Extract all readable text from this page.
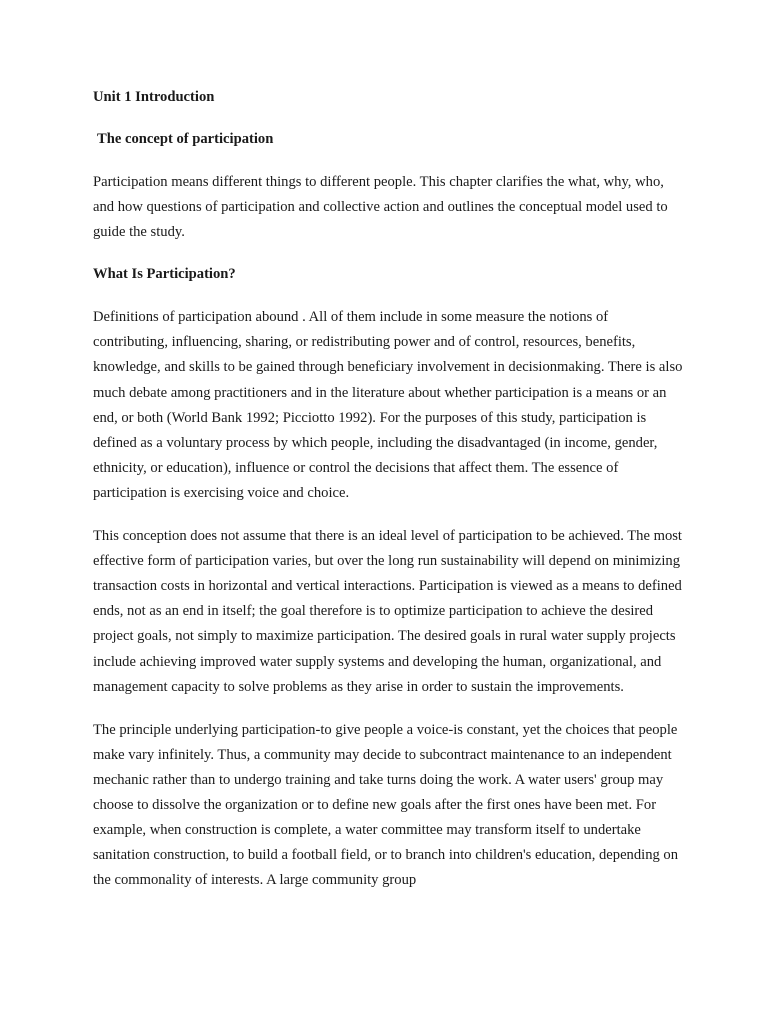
Unit 1 Introduction

The concept of participation

Participation means different things to different people. This chapter clarifies the what, why, who, and how questions of participation and collective action and outlines the conceptual model used to guide the study.

What Is Participation?

Definitions of participation abound . All of them include in some measure the notions of contributing, influencing, sharing, or redistributing power and of control, resources, benefits, knowledge, and skills to be gained through beneficiary involvement in decisionmaking. There is also much debate among practitioners and in the literature about whether participation is a means or an end, or both (World Bank 1992; Picciotto 1992). For the purposes of this study, participation is defined as a voluntary process by which people, including the disadvantaged (in income, gender, ethnicity, or education), influence or control the decisions that affect them. The essence of participation is exercising voice and choice.

This conception does not assume that there is an ideal level of participation to be achieved. The most effective form of participation varies, but over the long run sustainability will depend on minimizing transaction costs in horizontal and vertical interactions. Participation is viewed as a means to defined ends, not as an end in itself; the goal therefore is to optimize participation to achieve the desired project goals, not simply to maximize participation. The desired goals in rural water supply projects include achieving improved water supply systems and developing the human, organizational, and management capacity to solve problems as they arise in order to sustain the improvements.

The principle underlying participation-to give people a voice-is constant, yet the choices that people make vary infinitely. Thus, a community may decide to subcontract maintenance to an independent mechanic rather than to undergo training and take turns doing the work. A water users' group may choose to dissolve the organization or to define new goals after the first ones have been met. For example, when construction is complete, a water committee may transform itself to undertake sanitation construction, to build a football field, or to branch into children's education, depending on the commonality of interests. A large community group
